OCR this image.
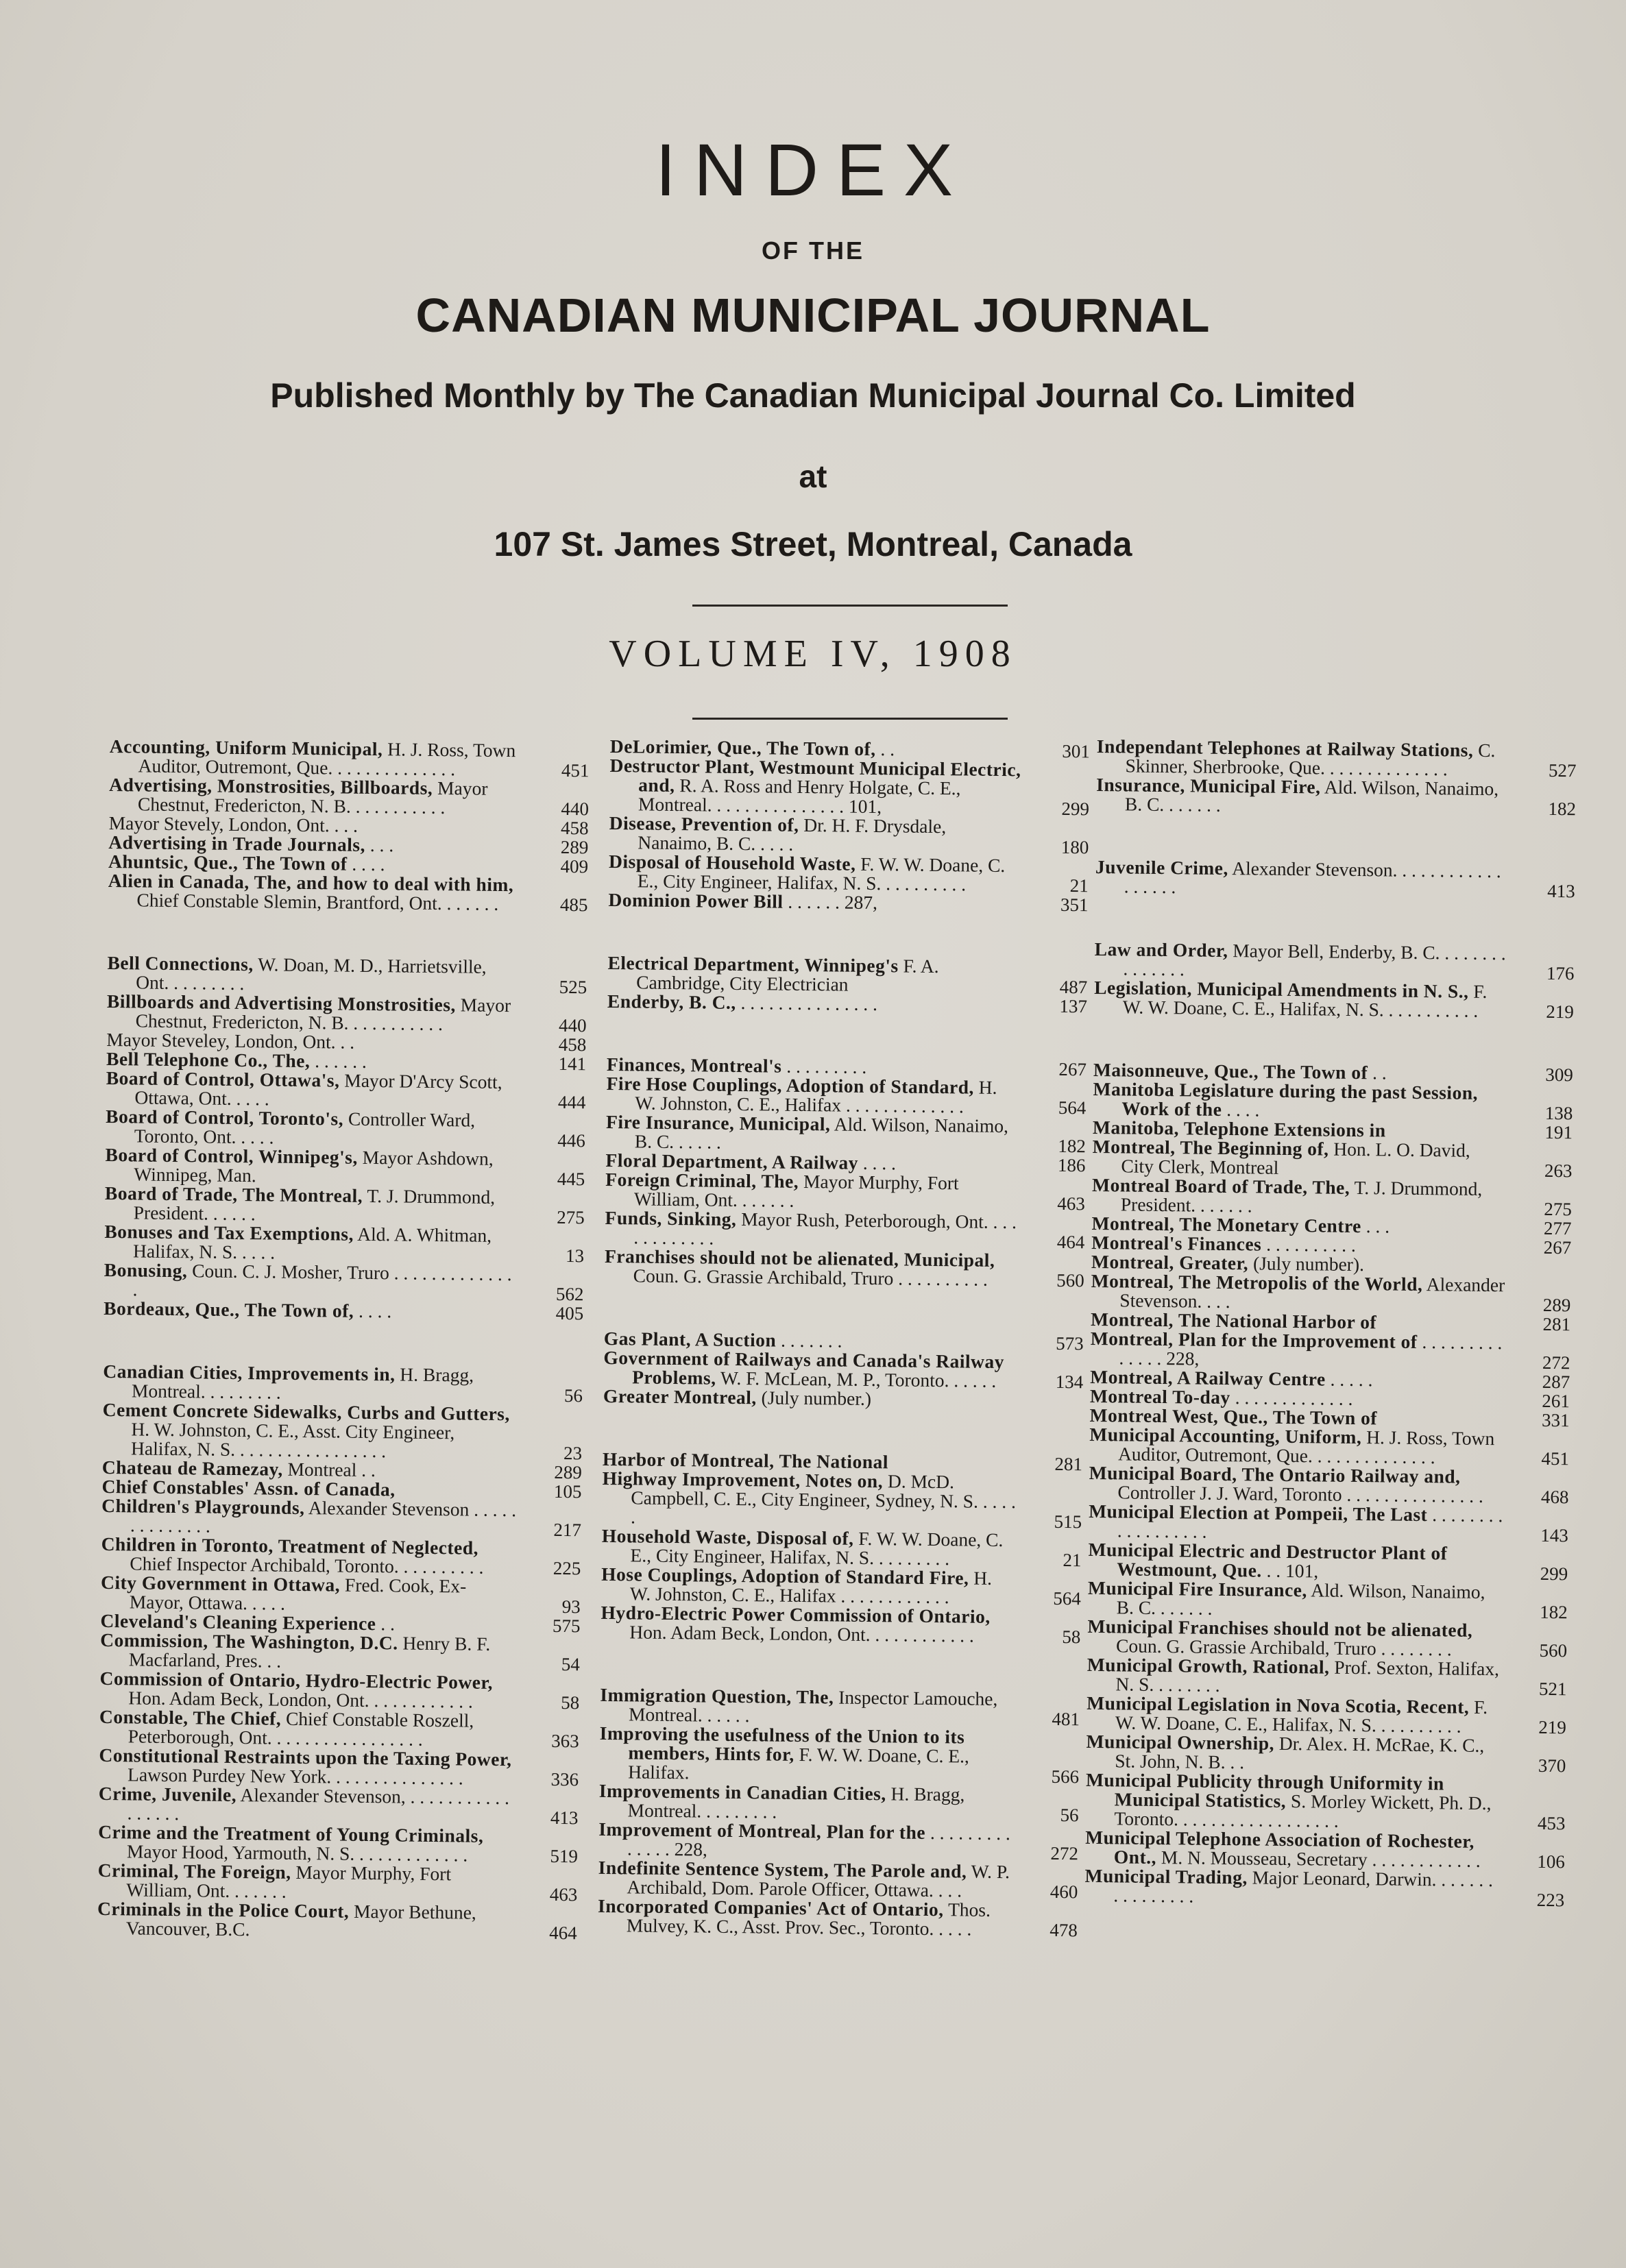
INDEX
OF THE
CANADIAN MUNICIPAL JOURNAL
Published Monthly by The Canadian Municipal Journal Co. Limited
at
107 St. James Street, Montreal, Canada
VOLUME IV, 1908
Accounting, Uniform Municipal, H. J. Ross, Town Auditor, Outremont, Que. . . . . . . . . . . . . .	451
Advertising, Monstrosities, Billboards, Mayor Chestnut, Fredericton, N. B. . . . . . . . . . .	440
Mayor Stevely, London, Ont. . . .	458
Advertising in Trade Journals, . . .	289
Ahuntsic, Que., The Town of . . . .	409
Alien in Canada, The, and how to deal with him, Chief Constable Slemin, Brantford, Ont. . . . . . .	485
Bell Connections, W. Doan, M. D., Harrietsville, Ont. . . . . . . . .	525
Billboards and Advertising Monstrosities, Mayor Chestnut, Fredericton, N. B. . . . . . . . . . .	440
Mayor Steveley, London, Ont. . .	458
Bell Telephone Co., The, . . . . . .	141
Board of Control, Ottawa's, Mayor D'Arcy Scott, Ottawa, Ont. . . . .	444
Board of Control, Toronto's, Controller Ward, Toronto, Ont. . . . .	446
Board of Control, Winnipeg's, Mayor Ashdown, Winnipeg, Man.	445
Board of Trade, The Montreal, T. J. Drummond, President. . . . . .	275
Bonuses and Tax Exemptions, Ald. A. Whitman, Halifax, N. S. . . . .	13
Bonusing, Coun. C. J. Mosher, Truro . . . . . . . . . . . . . .	562
Bordeaux, Que., The Town of, . . . .	405
Canadian Cities, Improvements in, H. Bragg, Montreal. . . . . . . . .	56
Cement Concrete Sidewalks, Curbs and Gutters, H. W. Johnston, C. E., Asst. City Engineer, Halifax, N. S. . . . . . . . . . . . . . . . .	23
Chateau de Ramezay, Montreal . .	289
Chief Constables' Assn. of Canada,	105
Children's Playgrounds, Alexander Stevenson . . . . . . . . . . . . . .	217
Children in Toronto, Treatment of Neglected, Chief Inspector Archibald, Toronto. . . . . . . . . .	225
City Government in Ottawa, Fred. Cook, Ex-Mayor, Ottawa. . . . .	93
Cleveland's Cleaning Experience . .	575
Commission, The Washington, D.C. Henry B. F. Macfarland, Pres. . .	54
Commission of Ontario, Hydro-Electric Power, Hon. Adam Beck, London, Ont. . . . . . . . . . . .	58
Constable, The Chief, Chief Constable Roszell, Peterborough, Ont. . . . . . . . . . . . . . . . .	363
Constitutional Restraints upon the Taxing Power, Lawson Purdey New York. . . . . . . . . . . . . . .	336
Crime, Juvenile, Alexander Stevenson, . . . . . . . . . . . . . . . . .	413
Crime and the Treatment of Young Criminals, Mayor Hood, Yarmouth, N. S. . . . . . . . . . . . .	519
Criminal, The Foreign, Mayor Murphy, Fort William, Ont. . . . . . .	463
Criminals in the Police Court, Mayor Bethune, Vancouver, B.C.	464
DeLorimier, Que., The Town of, . .	301
Destructor Plant, Westmount Municipal Electric, and, R. A. Ross and Henry Holgate, C. E., Montreal. . . . . . . . . . . . . . . 101,	299
Disease, Prevention of, Dr. H. F. Drysdale, Nanaimo, B. C. . . . .	180
Disposal of Household Waste, F. W. W. Doane, C. E., City Engineer, Halifax, N. S. . . . . . . . . .	21
Dominion Power Bill . . . . . . 287,	351
Electrical Department, Winnipeg's F. A. Cambridge, City Electrician	487
Enderby, B. C., . . . . . . . . . . . . . . .	137
Finances, Montreal's . . . . . . . . .	267
Fire Hose Couplings, Adoption of Standard, H. W. Johnston, C. E., Halifax . . . . . . . . . . . . .	564
Fire Insurance, Municipal, Ald. Wilson, Nanaimo, B. C. . . . . .	182
Floral Department, A Railway . . . .	186
Foreign Criminal, The, Mayor Murphy, Fort William, Ont. . . . . . .	463
Funds, Sinking, Mayor Rush, Peterborough, Ont. . . . . . . . . . . . .	464
Franchises should not be alienated, Municipal, Coun. G. Grassie Archibald, Truro . . . . . . . . . .	560
Gas Plant, A Suction . . . . . . .	573
Government of Railways and Canada's Railway Problems, W. F. McLean, M. P., Toronto. . . . . .	134
Greater Montreal, (July number.)
Harbor of Montreal, The National	281
Highway Improvement, Notes on, D. McD. Campbell, C. E., City Engineer, Sydney, N. S. . . . . .	515
Household Waste, Disposal of, F. W. W. Doane, C. E., City Engineer, Halifax, N. S. . . . . . . . .	21
Hose Couplings, Adoption of Standard Fire, H. W. Johnston, C. E., Halifax . . . . . . . . . . . .	564
Hydro-Electric Power Commission of Ontario, Hon. Adam Beck, London, Ont. . . . . . . . . . . .	58
Immigration Question, The, Inspector Lamouche, Montreal. . . . . .	481
Improving the usefulness of the Union to its members, Hints for, F. W. W. Doane, C. E., Halifax.	566
Improvements in Canadian Cities, H. Bragg, Montreal. . . . . . . . .	56
Improvement of Montreal, Plan for the . . . . . . . . . . . . . . 228,	272
Indefinite Sentence System, The Parole and, W. P. Archibald, Dom. Parole Officer, Ottawa. . . .	460
Incorporated Companies' Act of Ontario, Thos. Mulvey, K. C., Asst. Prov. Sec., Toronto. . . . .	478
Independant Telephones at Railway Stations, C. Skinner, Sherbrooke, Que. . . . . . . . . . . . . .	527
Insurance, Municipal Fire, Ald. Wilson, Nanaimo, B. C. . . . . . .	182
Juvenile Crime, Alexander Stevenson. . . . . . . . . . . . . . . . . .	413
Law and Order, Mayor Bell, Enderby, B. C. . . . . . . . . . . . . . .	176
Legislation, Municipal Amendments in N. S., F. W. W. Doane, C. E., Halifax, N. S. . . . . . . . . . .	219
Maisonneuve, Que., The Town of . .	309
Manitoba Legislature during the past Session, Work of the . . . .	138
Manitoba, Telephone Extensions in	191
Montreal, The Beginning of, Hon. L. O. David, City Clerk, Montreal	263
Montreal Board of Trade, The, T. J. Drummond, President. . . . . . .	275
Montreal, The Monetary Centre . . .	277
Montreal's Finances . . . . . . . . . .	267
Montreal, Greater, (July number).
Montreal, The Metropolis of the World, Alexander Stevenson. . . .	289
Montreal, The National Harbor of	281
Montreal, Plan for the Improvement of . . . . . . . . . . . . . . 228,	272
Montreal, A Railway Centre . . . . .	287
Montreal To-day . . . . . . . . . . . . .	261
Montreal West, Que., The Town of	331
Municipal Accounting, Uniform, H. J. Ross, Town Auditor, Outremont, Que. . . . . . . . . . . . . .	451
Municipal Board, The Ontario Railway and, Controller J. J. Ward, Toronto . . . . . . . . . . . . . . .	468
Municipal Election at Pompeii, The Last . . . . . . . . . . . . . . . . . .	143
Municipal Electric and Destructor Plant of Westmount, Que. . . 101,	299
Municipal Fire Insurance, Ald. Wilson, Nanaimo, B. C. . . . . . .	182
Municipal Franchises should not be alienated, Coun. G. Grassie Archibald, Truro . . . . . . . .	560
Municipal Growth, Rational, Prof. Sexton, Halifax, N. S. . . . . . . .	521
Municipal Legislation in Nova Scotia, Recent, F. W. W. Doane, C. E., Halifax, N. S. . . . . . . . . .	219
Municipal Ownership, Dr. Alex. H. McRae, K. C., St. John, N. B. . .	370
Municipal Publicity through Uniformity in Municipal Statistics, S. Morley Wickett, Ph. D., Toronto. . . . . . . . . . . . . . . . . .	453
Municipal Telephone Association of Rochester, Ont., M. N. Mousseau, Secretary . . . . . . . . . . . .	106
Municipal Trading, Major Leonard, Darwin. . . . . . . . . . . . . . . .	223
